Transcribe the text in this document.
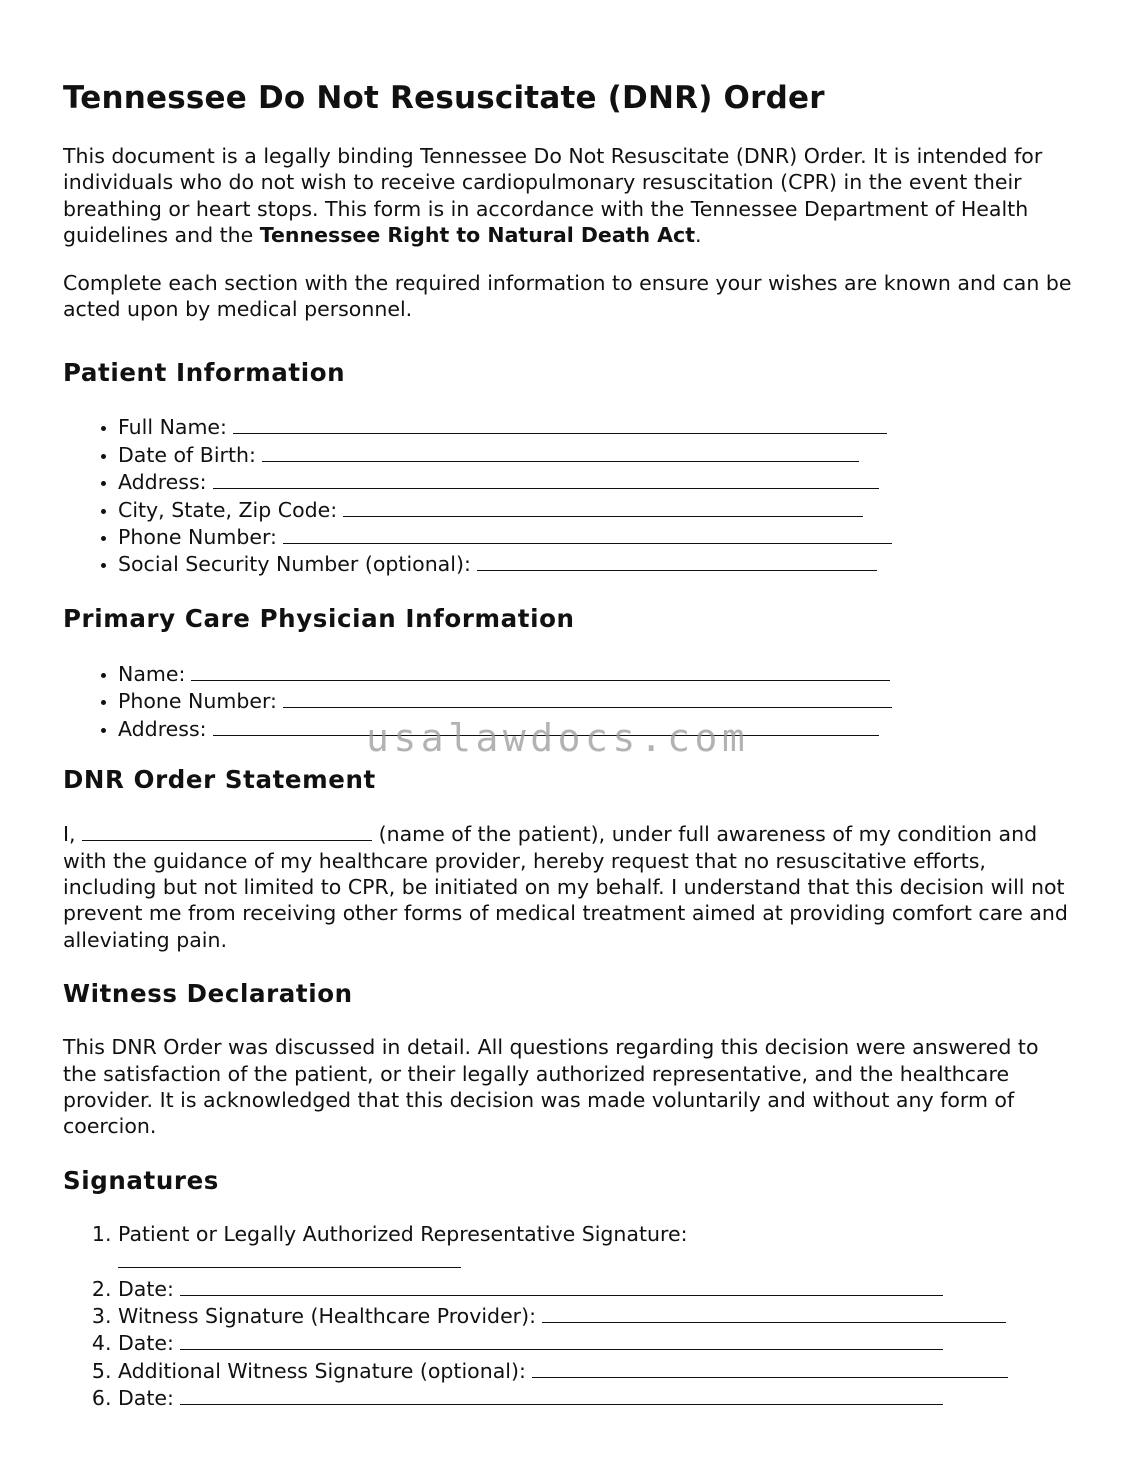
Tennessee Do Not Resuscitate (DNR) Order

This document is a legally binding Tennessee Do Not Resuscitate (DNR) Order. It is intended for individuals who do not wish to receive cardiopulmonary resuscitation (CPR) in the event their breathing or heart stops. This form is in accordance with the Tennessee Department of Health guidelines and the Tennessee Right to Natural Death Act.

Complete each section with the required information to ensure your wishes are known and can be acted upon by medical personnel.

Patient Information
• Full Name:
• Date of Birth:
• Address:
• City, State, Zip Code:
• Phone Number:
• Social Security Number (optional):
Primary Care Physician Information
• Name:
• Phone Number:
• Address:
DNR Order Statement

I,	(name of the patient), under full awareness of my condition and with the guidance of my healthcare provider, hereby request that no resuscitative efforts, including but not limited to CPR, be initiated on my behalf. I understand that this decision will not prevent me from receiving other forms of medical treatment aimed at providing comfort care and alleviating pain.

Witness Declaration

This DNR Order was discussed in detail. All questions regarding this decision were answered to the satisfaction of the patient, or their legally authorized representative, and the healthcare provider. It is acknowledged that this decision was made voluntarily and without any form of coercion.

Signatures
1. Patient or Legally Authorized Representative Signature:

2. Date:
3. Witness Signature (Healthcare Provider):
4. Date:
5. Additional Witness Signature (optional):
6. Date:
usalawdocs.com
